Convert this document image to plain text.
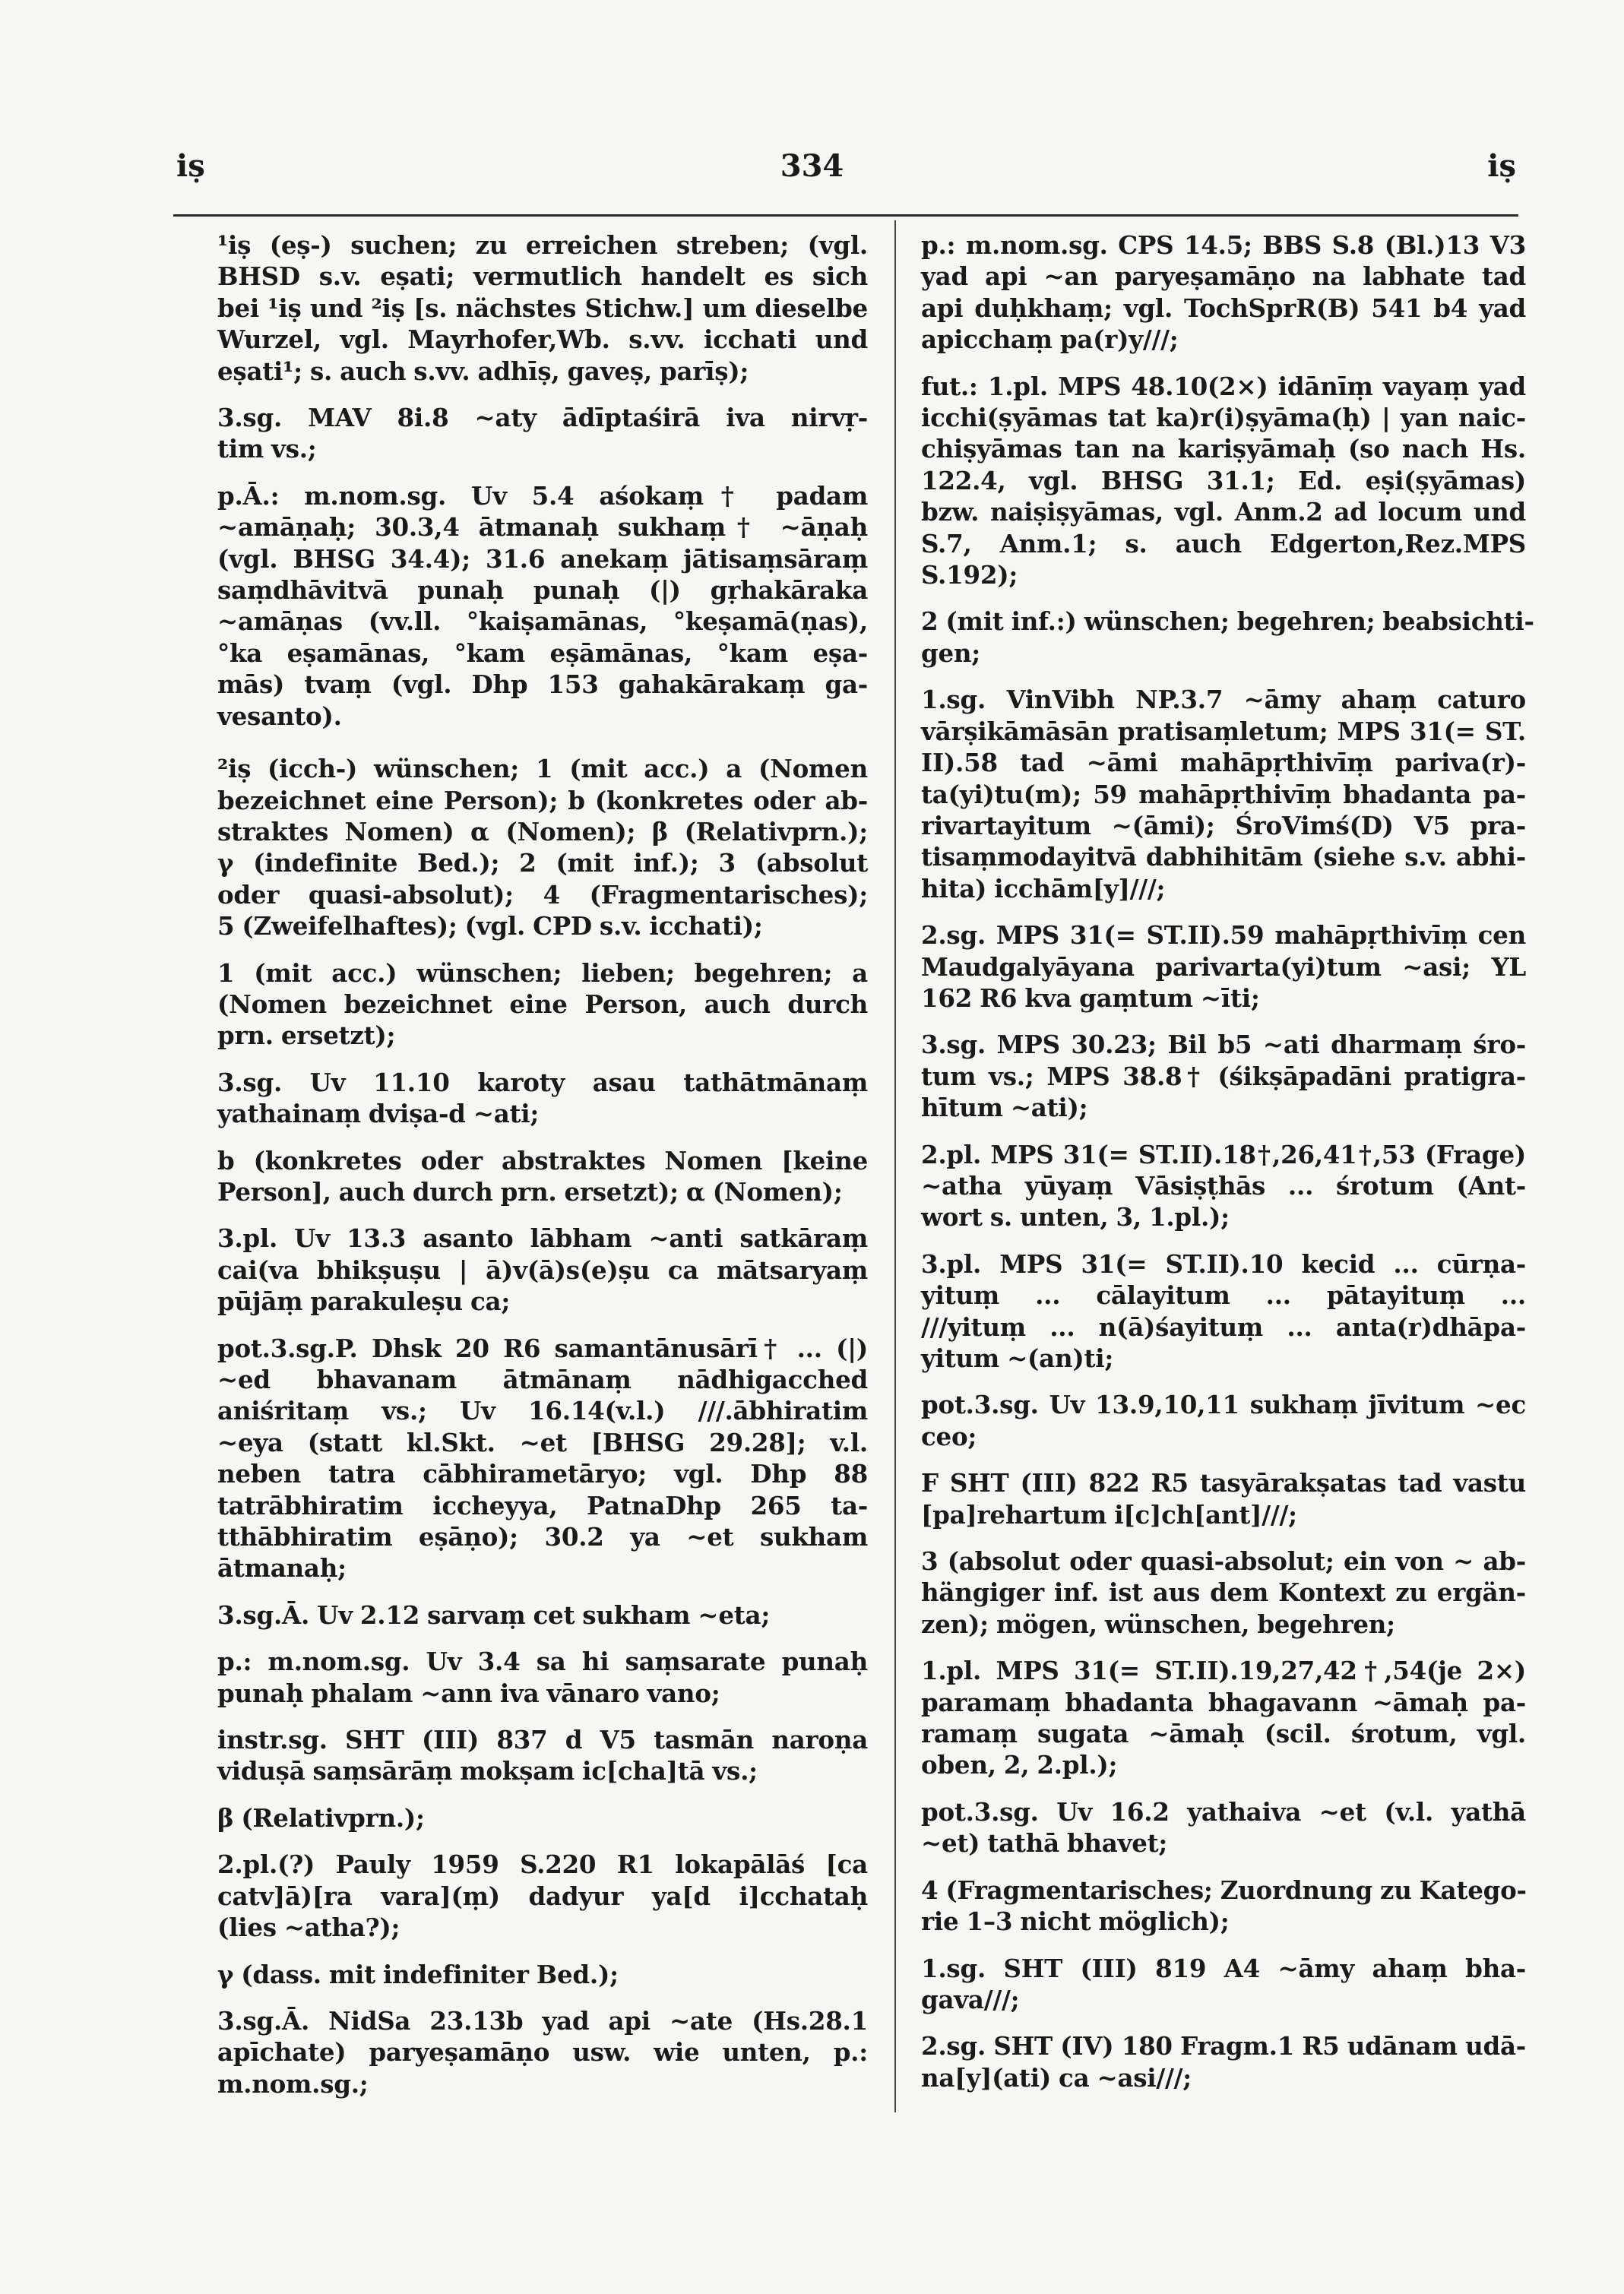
iṣ	334	iṣ
¹iṣ (eṣ-) suchen; zu erreichen streben; (vgl.
BHSD s.v. eṣati; vermutlich handelt es sich
bei ¹iṣ und ²iṣ [s. nächstes Stichw.] um dieselbe
Wurzel, vgl. Mayrhofer,Wb. s.vv. icchati und
eṣati¹; s. auch s.vv. adhīṣ, gaveṣ, parīṣ);
3.sg. MAV 8i.8 ~aty ādīptaśirā iva nirvṛ-
tim vs.;
p.Ā.: m.nom.sg. Uv 5.4 aśokaṃ† padam
~amāṇaḥ; 30.3,4 ātmanaḥ sukhaṃ† ~āṇaḥ
(vgl. BHSG 34.4); 31.6 anekaṃ jātisaṃsāraṃ
saṃdhāvitvā punaḥ punaḥ (|) gṛhakāraka
~amāṇas (vv.ll. °kaiṣamānas, °keṣamā(ṇas),
°ka eṣamānas, °kam eṣāmānas, °kam eṣa-
mās) tvaṃ (vgl. Dhp 153 gahakārakaṃ ga-
vesanto).
²iṣ (icch-) wünschen; 1 (mit acc.) a (Nomen
bezeichnet eine Person); b (konkretes oder ab-
straktes Nomen) α (Nomen); β (Relativprn.);
γ (indefinite Bed.); 2 (mit inf.); 3 (absolut
oder quasi-absolut); 4 (Fragmentarisches);
5 (Zweifelhaftes); (vgl. CPD s.v. icchati);
1 (mit acc.) wünschen; lieben; begehren; a
(Nomen bezeichnet eine Person, auch durch
prn. ersetzt);
3.sg. Uv 11.10 karoty asau tathātmānaṃ
yathainaṃ dviṣa-d ~ati;
b (konkretes oder abstraktes Nomen [keine
Person], auch durch prn. ersetzt); α (Nomen);
3.pl. Uv 13.3 asanto lābham ~anti satkāraṃ
cai(va bhikṣuṣu | ā)v(ā)s(e)ṣu ca mātsaryaṃ
pūjāṃ parakuleṣu ca;
pot.3.sg.P. Dhsk 20 R6 samantānusārī† ... (|)
~ed bhavanam ātmānaṃ nādhigacched
aniśritaṃ vs.; Uv 16.14(v.l.) ///.ābhiratim
~eya (statt kl.Skt. ~et [BHSG 29.28]; v.l.
neben tatra cābhirametāryo; vgl. Dhp 88
tatrābhiratim iccheyya, PatnaDhp 265 ta-
tthābhiratim eṣāṇo); 30.2 ya ~et sukham
ātmanaḥ;
3.sg.Ā. Uv 2.12 sarvaṃ cet sukham ~eta;
p.: m.nom.sg. Uv 3.4 sa hi saṃsarate punaḥ
punaḥ phalam ~ann iva vānaro vano;
instr.sg. SHT (III) 837 d V5 tasmān naroṇa
viduṣā saṃsārāṃ mokṣam ic[cha]tā vs.;
β (Relativprn.);
2.pl.(?) Pauly 1959 S.220 R1 lokapālāś [ca
catv]ā)[ra vara](ṃ) dadyur ya[d i]cchataḥ
(lies ~atha?);
γ (dass. mit indefiniter Bed.);
3.sg.Ā. NidSa 23.13b yad api ~ate (Hs.28.1
apīchate) paryeṣamāṇo usw. wie unten, p.:
m.nom.sg.;
p.: m.nom.sg. CPS 14.5; BBS S.8 (Bl.)13 V3
yad api ~an paryeṣamāṇo na labhate tad
api duḥkhaṃ; vgl. TochSprR(B) 541 b4 yad
apicchaṃ pa(r)y///;
fut.: 1.pl. MPS 48.10(2×) idānīṃ vayaṃ yad
icchi(ṣyāmas tat ka)r(i)ṣyāma(ḥ) | yan naic-
chiṣyāmas tan na kariṣyāmaḥ (so nach Hs.
122.4, vgl. BHSG 31.1; Ed. eṣi(ṣyāmas)
bzw. naiṣiṣyāmas, vgl. Anm.2 ad locum und
S.7, Anm.1; s. auch Edgerton,Rez.MPS
S.192);
2 (mit inf.:) wünschen; begehren; beabsichti-
gen;
1.sg. VinVibh NP.3.7 ~āmy ahaṃ caturo
vārṣikāmāsān pratisaṃletum; MPS 31(= ST.
II).58 tad ~āmi mahāpṛthivīṃ pariva(r)-
ta(yi)tu(m); 59 mahāpṛthivīṃ bhadanta pa-
rivartayitum ~(āmi); ŚroVimś(D) V5 pra-
tisaṃmodayitvā dabhihitām (siehe s.v. abhi-
hita) icchām[y]///;
2.sg. MPS 31(= ST.II).59 mahāpṛthivīṃ cen
Maudgalyāyana parivarta(yi)tum ~asi; YL
162 R6 kva gaṃtum ~īti;
3.sg. MPS 30.23; Bil b5 ~ati dharmaṃ śro-
tum vs.; MPS 38.8† (śikṣāpadāni pratigra-
hītum ~ati);
2.pl. MPS 31(= ST.II).18†,26,41†,53 (Frage)
~atha yūyaṃ Vāsiṣṭhās ... śrotum (Ant-
wort s. unten, 3, 1.pl.);
3.pl. MPS 31(= ST.II).10 kecid ... cūrṇa-
yituṃ ... cālayitum ... pātayituṃ ...
///yituṃ ... n(ā)śayituṃ ... anta(r)dhāpa-
yitum ~(an)ti;
pot.3.sg. Uv 13.9,10,11 sukhaṃ jīvitum ~ec
ceo;
F SHT (III) 822 R5 tasyārakṣatas tad vastu
[pa]rehartum i[c]ch[ant]///;
3 (absolut oder quasi-absolut; ein von ~ ab-
hängiger inf. ist aus dem Kontext zu ergän-
zen); mögen, wünschen, begehren;
1.pl. MPS 31(= ST.II).19,27,42†,54(je 2×)
paramaṃ bhadanta bhagavann ~āmaḥ pa-
ramaṃ sugata ~āmaḥ (scil. śrotum, vgl.
oben, 2, 2.pl.);
pot.3.sg. Uv 16.2 yathaiva ~et (v.l. yathā
~et) tathā bhavet;
4 (Fragmentarisches; Zuordnung zu Katego-
rie 1–3 nicht möglich);
1.sg. SHT (III) 819 A4 ~āmy ahaṃ bha-
gava///;
2.sg. SHT (IV) 180 Fragm.1 R5 udānam udā-
na[y](ati) ca ~asi///;
